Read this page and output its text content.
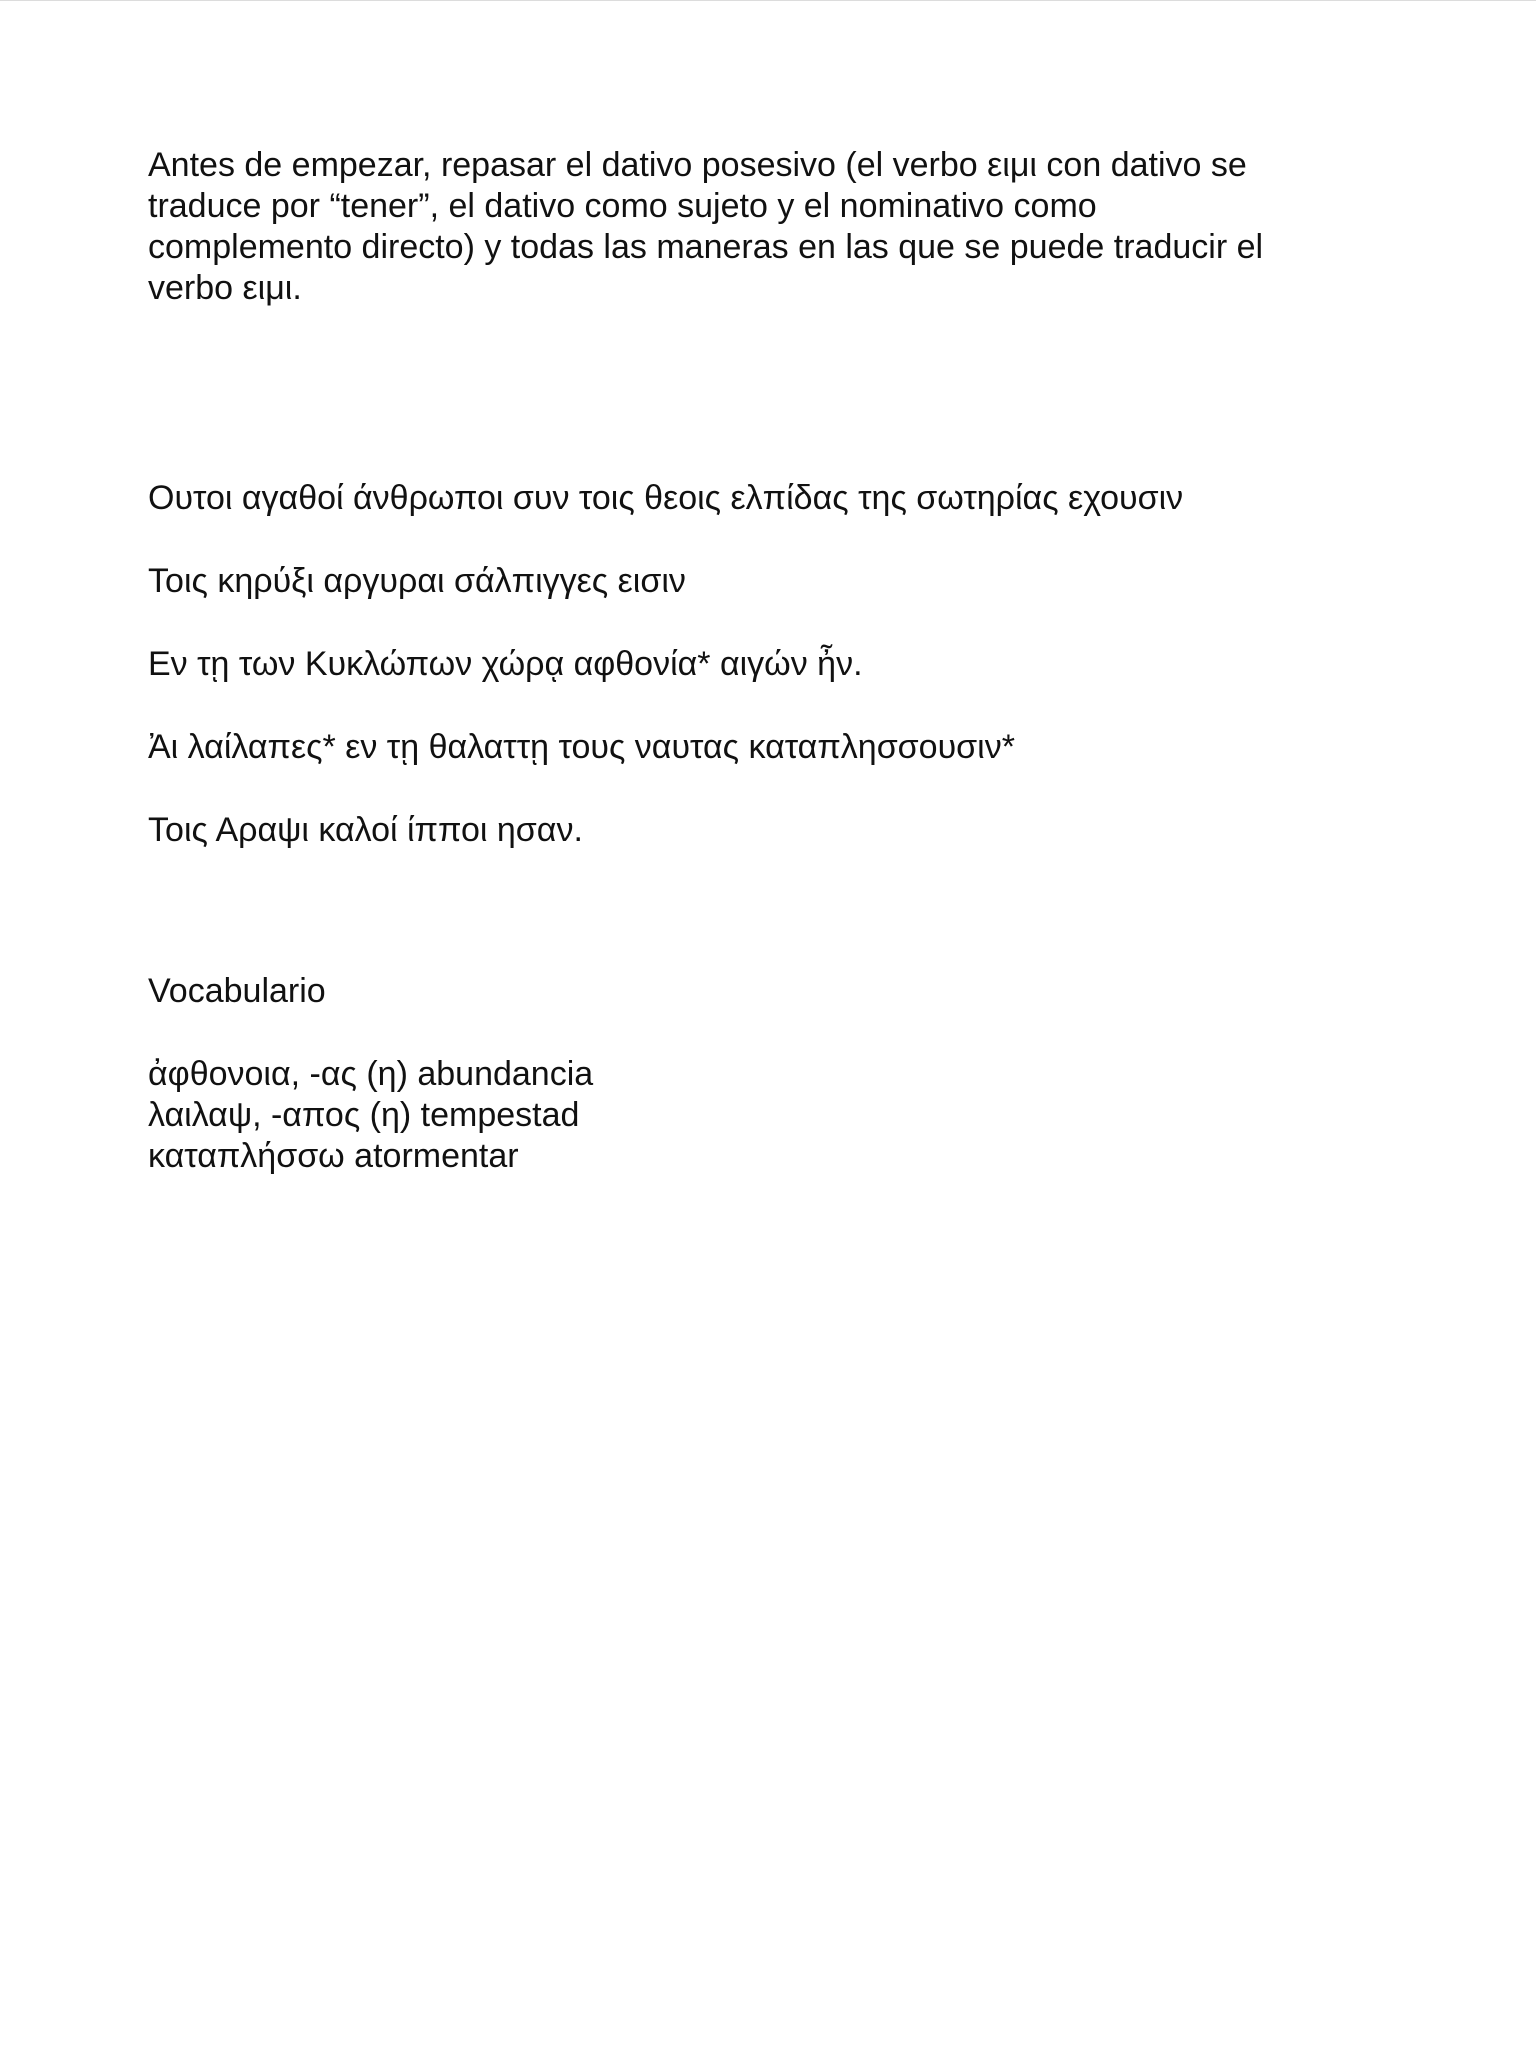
Antes de empezar, repasar el dativo posesivo (el verbo ειμι con dativo se
traduce por “tener”, el dativo como sujeto y el nominativo como
complemento directo) y todas las maneras en las que se puede traducir el
verbo ειμι.

Ουτοι αγαθοί άνθρωποι συν τοις θεοις ελπίδας της σωτηρίας εχουσιν
Τοις κηρύξι αργυραι σάλπιγγες εισιν
Εν τῃ των Κυκλώπων χώρᾳ αφθονία* αιγών ἦν.
Ἀι λαίλαπες* εν τῃ θαλαττῃ τους ναυτας καταπλησσουσιν*
Τοις Αραψι καλοί ίπποι ησαν.
Vocabulario
ἀφθονοια, -ας (η) abundancia
λαιλαψ, -απος (η) tempestad
καταπλήσσω atormentar
